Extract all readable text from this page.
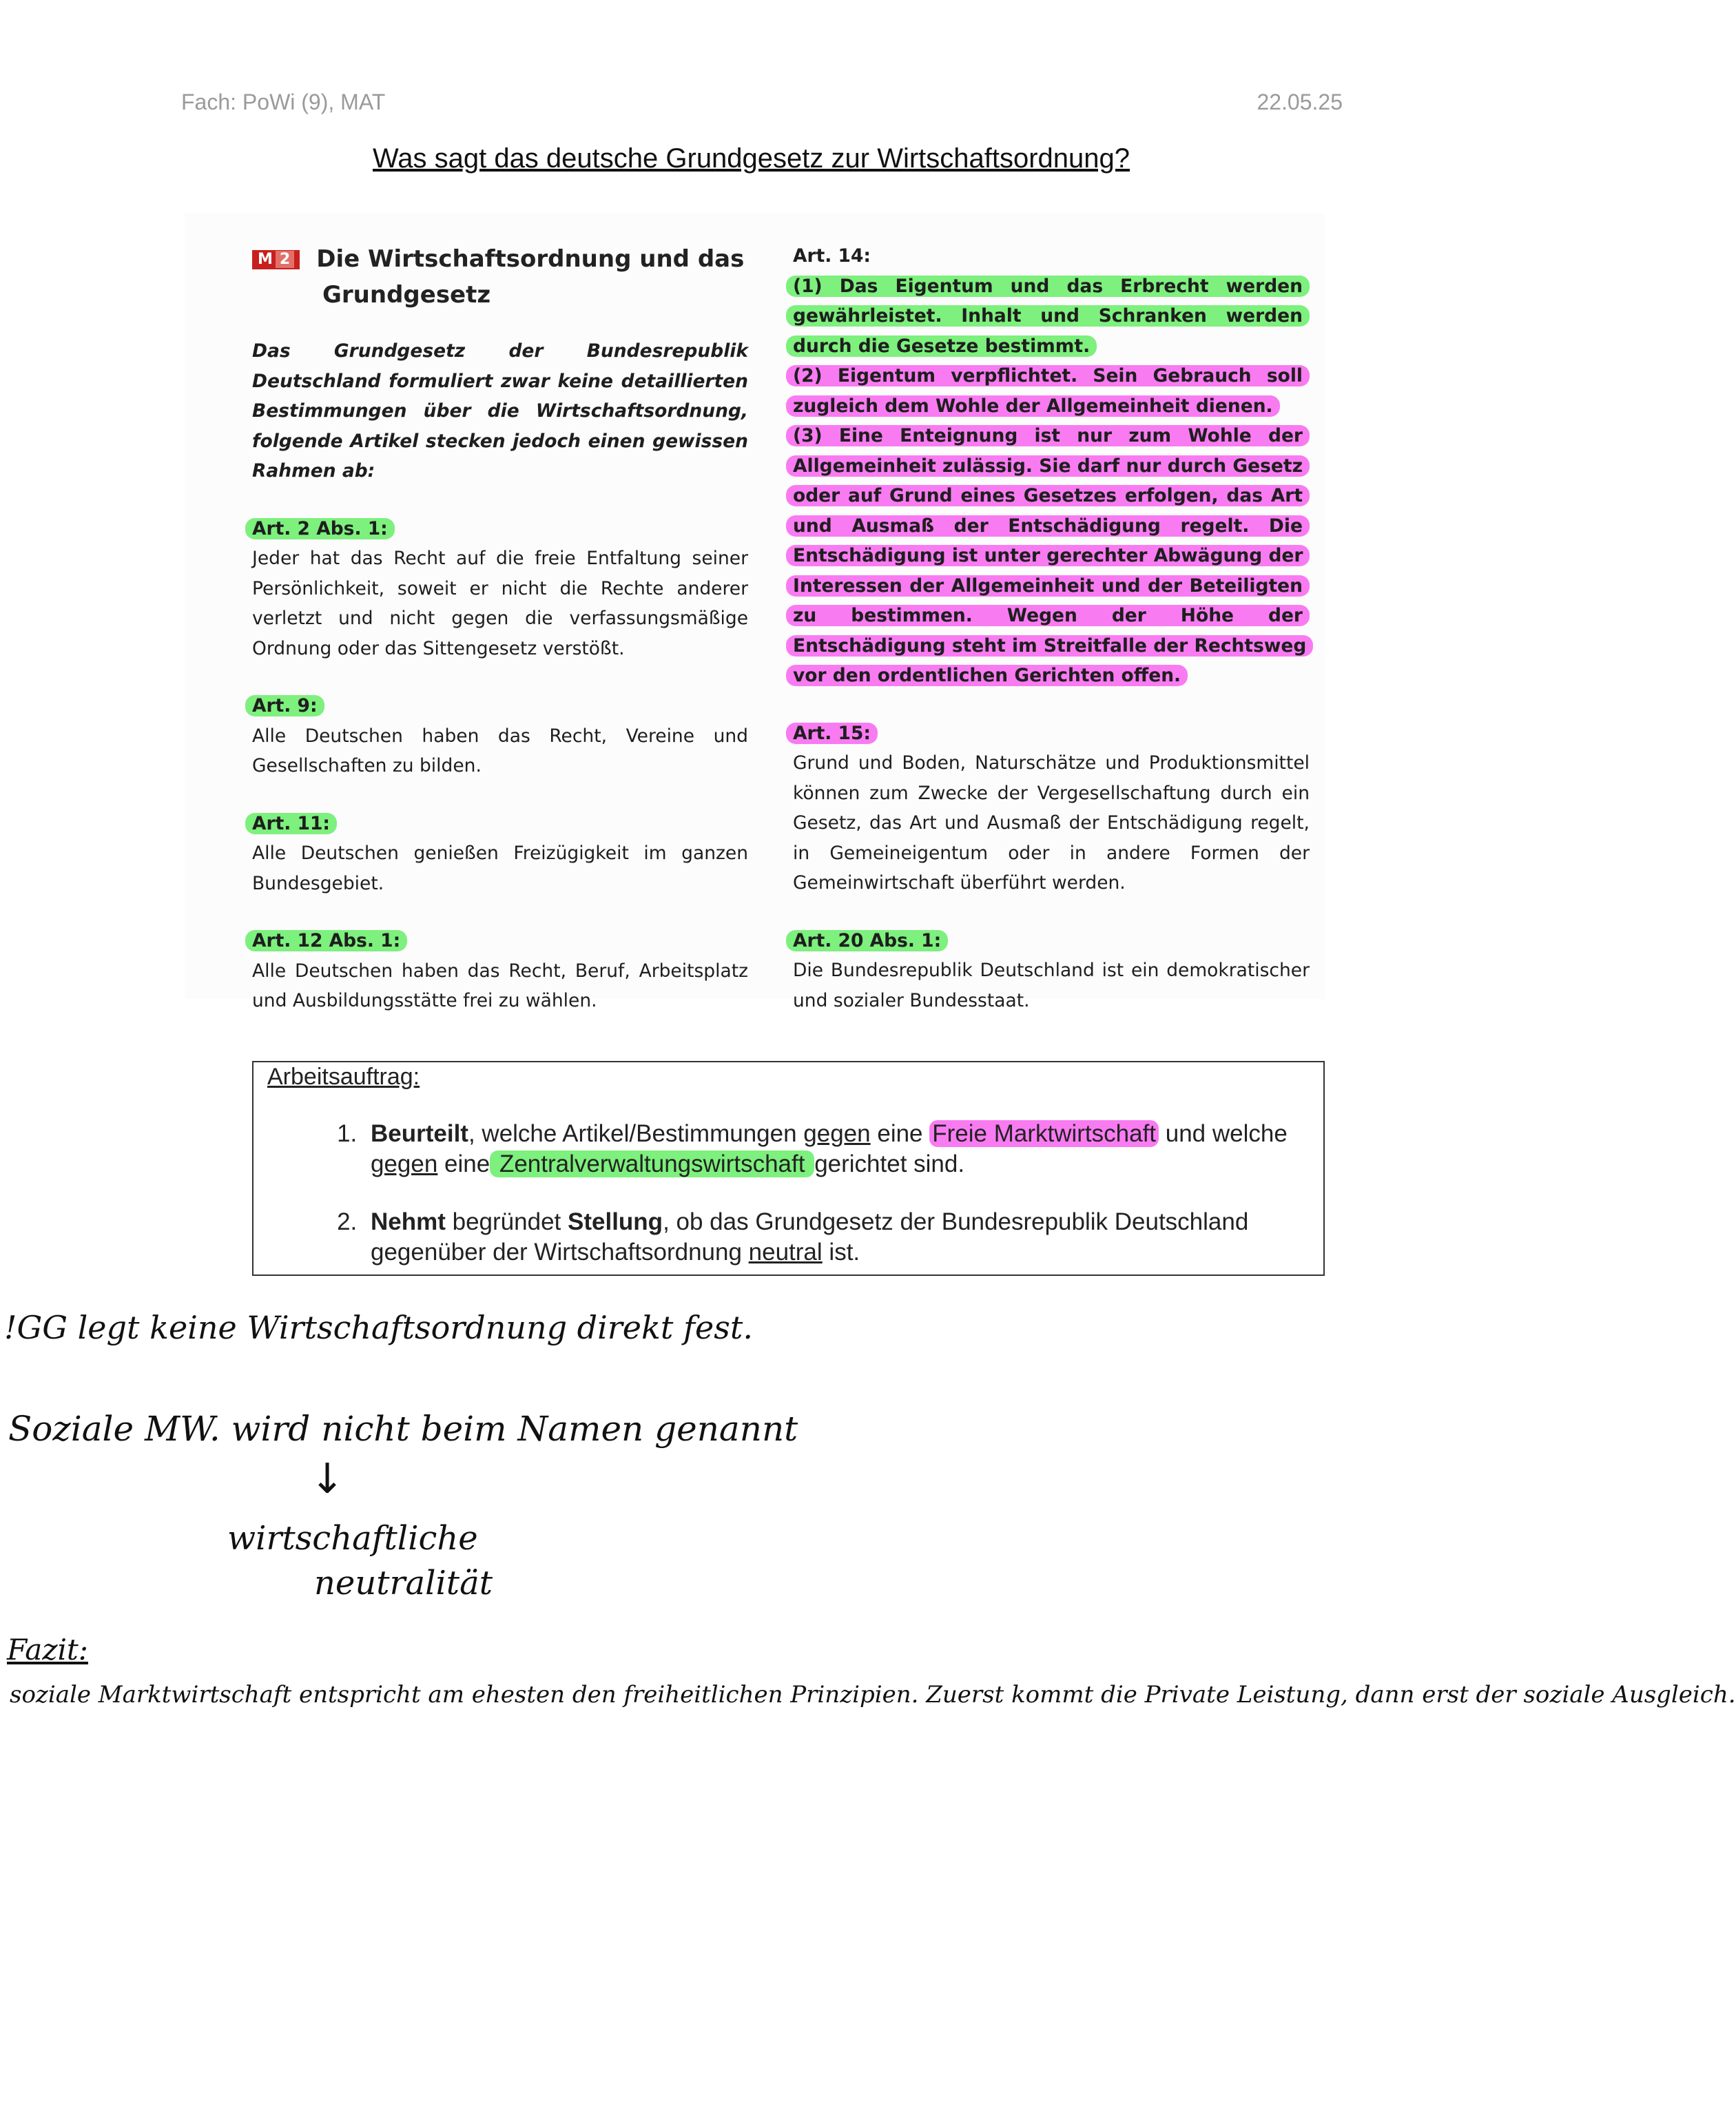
Fach: PoWi (9), MAT	22.05.25
Was sagt das deutsche Grundgesetz zur Wirtschaftsordnung?
M 2 Die Wirtschaftsordnung und das
Grundgesetz
Das Grundgesetz der Bundesrepublik Deutschland formuliert zwar keine detaillierten Bestimmungen über die Wirtschaftsordnung, folgende Artikel stecken jedoch einen gewissen Rahmen ab:
Art. 2 Abs. 1:
Jeder hat das Recht auf die freie Entfaltung seiner Persönlichkeit, soweit er nicht die Rechte anderer verletzt und nicht gegen die verfassungsmäßige Ordnung oder das Sittengesetz verstößt.
Art. 9:
Alle Deutschen haben das Recht, Vereine und Gesellschaften zu bilden.
Art. 11:
Alle Deutschen genießen Freizügigkeit im ganzen Bundesgebiet.
Art. 12 Abs. 1:
Alle Deutschen haben das Recht, Beruf, Arbeitsplatz und Ausbildungsstätte frei zu wählen.
Art. 14:

(1) Das Eigentum und das Erbrecht werden gewährleistet. Inhalt und Schranken werden durch die Gesetze bestimmt.

(2) Eigentum verpflichtet. Sein Gebrauch soll zugleich dem Wohle der Allgemeinheit dienen.

(3) Eine Enteignung ist nur zum Wohle der Allgemeinheit zulässig. Sie darf nur durch Gesetz oder auf Grund eines Gesetzes erfolgen, das Art und Ausmaß der Entschädigung regelt. Die Entschädigung ist unter gerechter Abwägung der Interessen der Allgemeinheit und der Beteiligten zu bestimmen. Wegen der Höhe der Entschädigung steht im Streitfalle der Rechtsweg vor den ordentlichen Gerichten offen.

Art. 15:
Grund und Boden, Naturschätze und Produktionsmittel können zum Zwecke der Vergesellschaftung durch ein Gesetz, das Art und Ausmaß der Entschädigung regelt, in Gemeineigentum oder in andere Formen der Gemeinwirtschaft überführt werden.
Art. 20 Abs. 1:
Die Bundesrepublik Deutschland ist ein demokratischer und sozialer Bundesstaat.
Arbeitsauftrag:
1. Beurteilt, welche Artikel/Bestimmungen gegen eine Freie Marktwirtschaft und welche gegen eine Zentralverwaltungswirtschaft gerichtet sind.
2. Nehmt begründet Stellung, ob das Grundgesetz der Bundesrepublik Deutschland gegenüber der Wirtschaftsordnung neutral ist.
!GG legt keine Wirtschaftsordnung direkt fest.
Soziale MW. wird nicht beim Namen genannt
↓
wirtschaftliche
neutralität
Fazit:
soziale Marktwirtschaft entspricht am ehesten den freiheitlichen Prinzipien. Zuerst kommt die Private Leistung, dann erst der soziale Ausgleich.
